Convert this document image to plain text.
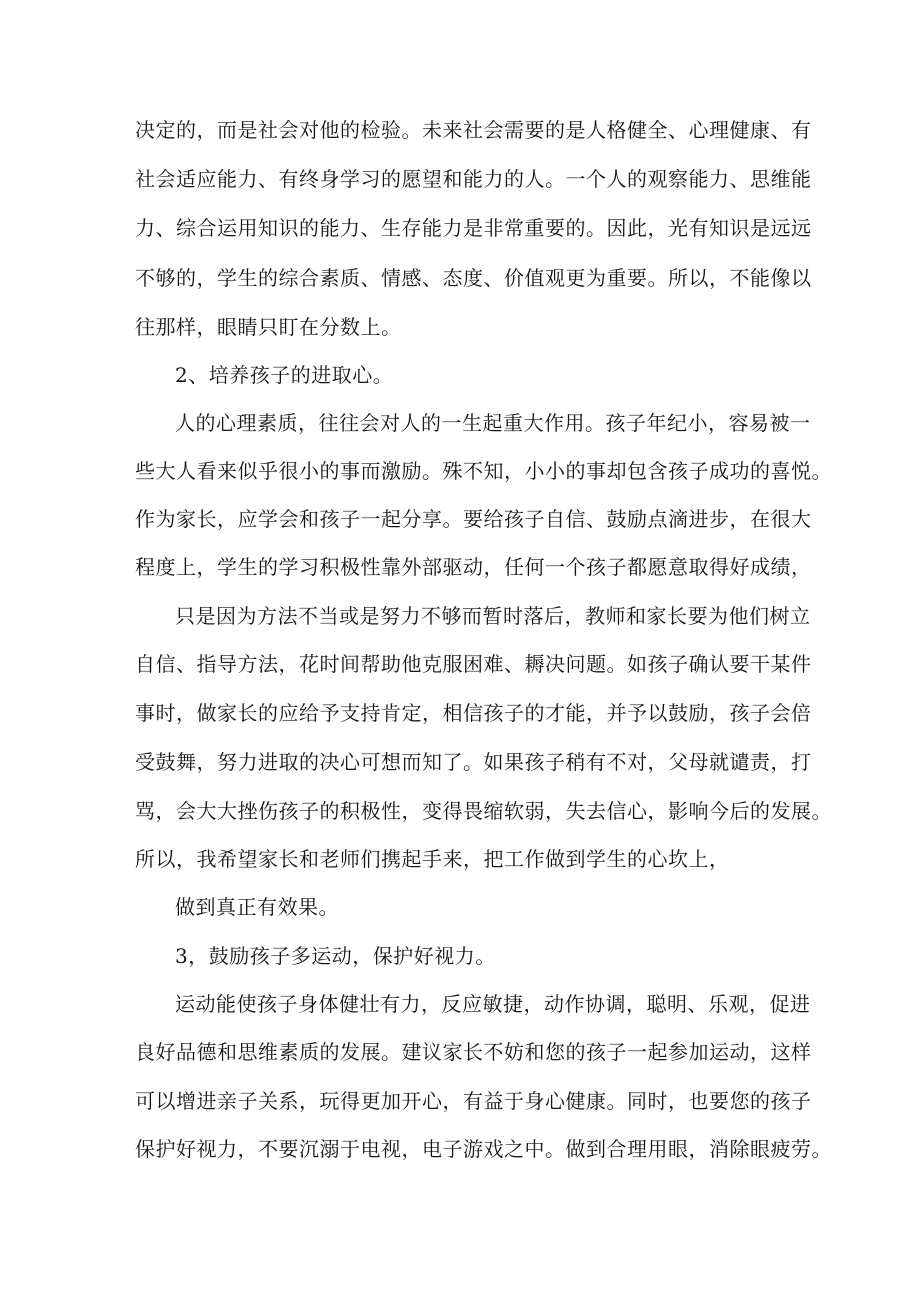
决定的，而是社会对他的检验。未来社会需要的是人格健全、心理健康、有
社会适应能力、有终身学习的愿望和能力的人。一个人的观察能力、思维能
力、综合运用知识的能力、生存能力是非常重要的。因此，光有知识是远远
不够的，学生的综合素质、情感、态度、价值观更为重要。所以，不能像以
往那样，眼睛只盯在分数上。
2、培养孩子的进取心。
人的心理素质，往往会对人的一生起重大作用。孩子年纪小，容易被一
些大人看来似乎很小的事而激励。殊不知，小小的事却包含孩子成功的喜悦。
作为家长，应学会和孩子一起分享。要给孩子自信、鼓励点滴进步，在很大
程度上，学生的学习积极性靠外部驱动，任何一个孩子都愿意取得好成绩，
只是因为方法不当或是努力不够而暂时落后，教师和家长要为他们树立
自信、指导方法，花时间帮助他克服困难、耨决问题。如孩子确认要干某件
事时，做家长的应给予支持肯定，相信孩子的才能，并予以鼓励，孩子会倍
受鼓舞，努力进取的决心可想而知了。如果孩子稍有不对，父母就谴责，打
骂，会大大挫伤孩子的积极性，变得畏缩软弱，失去信心，影响今后的发展。
所以，我希望家长和老师们携起手来，把工作做到学生的心坎上，
做到真正有效果。
3，鼓励孩子多运动，保护好视力。
运动能使孩子身体健壮有力，反应敏捷，动作协调，聪明、乐观，促进
良好品德和思维素质的发展。建议家长不妨和您的孩子一起参加运动，这样
可以增进亲子关系，玩得更加开心，有益于身心健康。同时，也要您的孩子
保护好视力，不要沉溺于电视，电子游戏之中。做到合理用眼，消除眼疲劳。
